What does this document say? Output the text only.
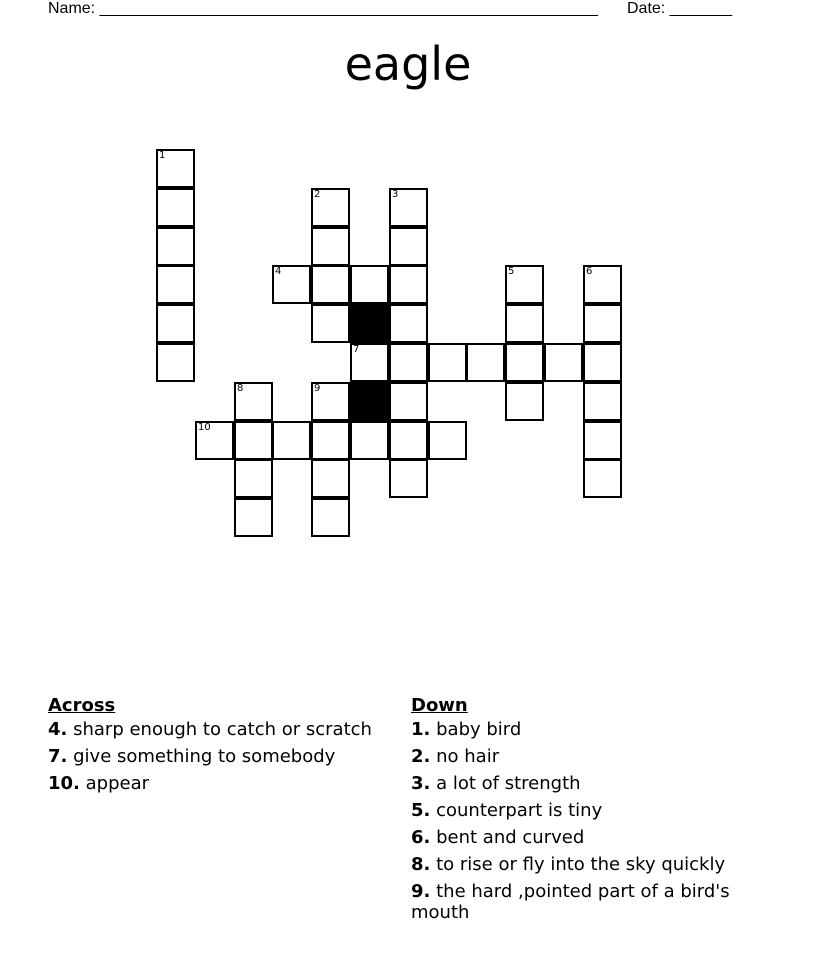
Name: ________________________________________________________ Date: _______
eagle
1
2	3
4	5	6
7
8	9
10
Across
4. sharp enough to catch or scratch
7. give something to somebody
10. appear
Down
1. baby bird
2. no hair
3. a lot of strength
5. counterpart is tiny
6. bent and curved
8. to rise or fly into the sky quickly
9. the hard ,pointed part of a bird's mouth
